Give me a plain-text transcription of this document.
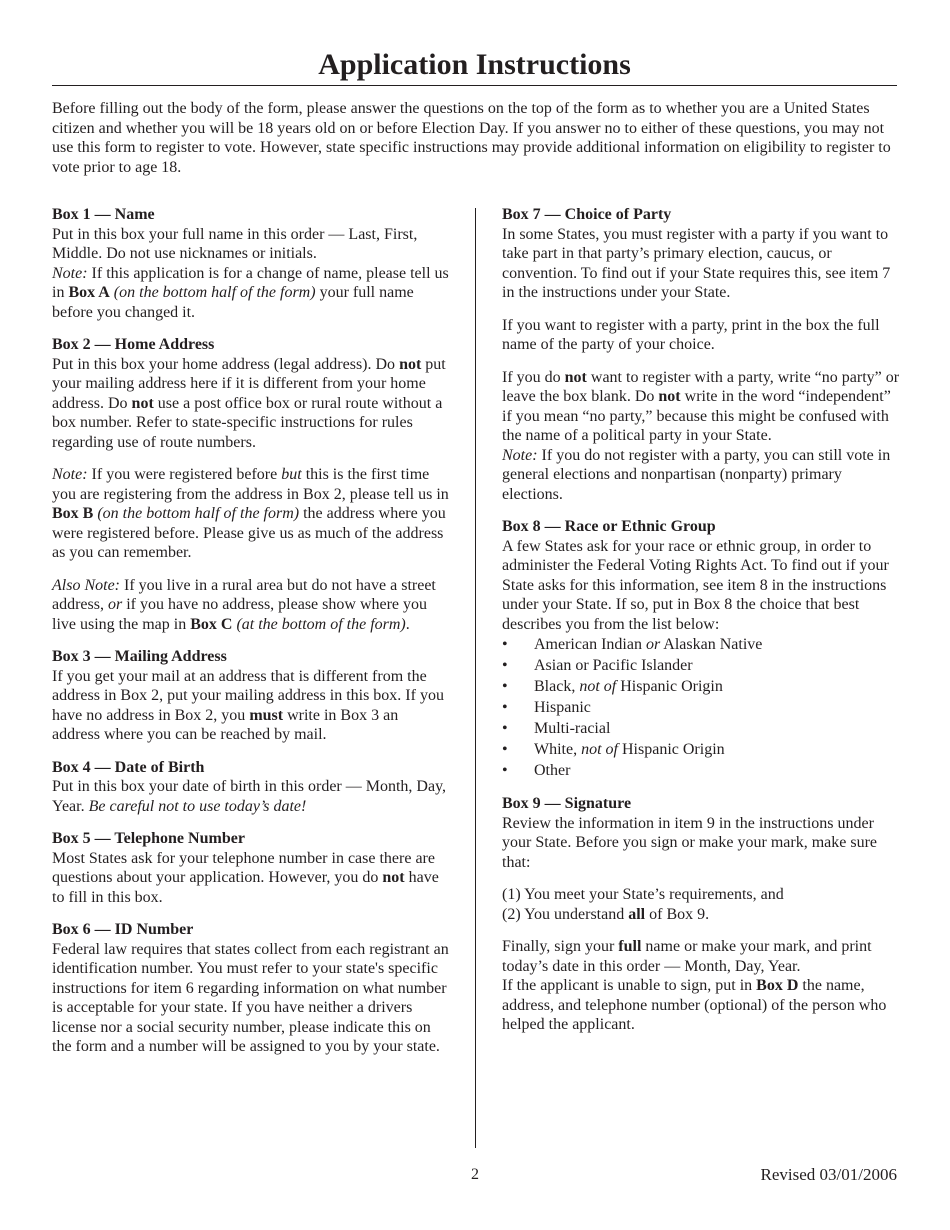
Application Instructions

Before filling out the body of the form, please answer the questions on the top of the form as to whether you are a United States citizen and whether you will be 18 years old on or before Election Day. If you answer no to either of these questions, you may not use this form to register to vote. However, state specific instructions may provide additional information on eligibility to register to vote prior to age 18.

Box 1 — Name

Put in this box your full name in this order — Last, First, Middle. Do not use nicknames or initials.

Note: If this application is for a change of name, please tell us in Box A (on the bottom half of the form) your full name before you changed it.

Box 2 — Home Address

Put in this box your home address (legal address). Do not put your mailing address here if it is different from your home address. Do not use a post office box or rural route without a box number. Refer to state-specific instructions for rules regarding use of route numbers.

Note: If you were registered before but this is the first time you are registering from the address in Box 2, please tell us in Box B (on the bottom half of the form) the address where you were registered before. Please give us as much of the address as you can remember.

Also Note: If you live in a rural area but do not have a street address, or if you have no address, please show where you live using the map in Box C (at the bottom of the form).

Box 3 — Mailing Address

If you get your mail at an address that is different from the address in Box 2, put your mailing address in this box. If you have no address in Box 2, you must write in Box 3 an address where you can be reached by mail.

Box 4 — Date of Birth

Put in this box your date of birth in this order — Month, Day, Year. Be careful not to use today’s date!

Box 5 — Telephone Number

Most States ask for your telephone number in case there are questions about your application. However, you do not have to fill in this box.

Box 6 — ID Number

Federal law requires that states collect from each registrant an identification number. You must refer to your state's specific instructions for item 6 regarding information on what number is acceptable for your state. If you have neither a drivers license nor a social security number, please indicate this on the form and a number will be assigned to you by your state.

Box 7 — Choice of Party

In some States, you must register with a party if you want to take part in that party’s primary election, caucus, or convention. To find out if your State requires this, see item 7 in the instructions under your State.

If you want to register with a party, print in the box the full name of the party of your choice.

If you do not want to register with a party, write “no party” or leave the box blank. Do not write in the word “independent” if you mean “no party,” because this might be confused with the name of a political party in your State.

Note: If you do not register with a party, you can still vote in general elections and nonpartisan (nonparty) primary elections.

Box 8 — Race or Ethnic Group

A few States ask for your race or ethnic group, in order to administer the Federal Voting Rights Act. To find out if your State asks for this information, see item 8 in the instructions under your State. If so, put in Box 8 the choice that best describes you from the list below:

• American Indian or Alaskan Native
• Asian or Pacific Islander
• Black, not of Hispanic Origin
• Hispanic
• Multi-racial
• White, not of Hispanic Origin
• Other
Box 9 — Signature

Review the information in item 9 in the instructions under your State. Before you sign or make your mark, make sure that:

(1) You meet your State’s requirements, and

(2) You understand all of Box 9.

Finally, sign your full name or make your mark, and print today’s date in this order — Month, Day, Year.

If the applicant is unable to sign, put in Box D the name, address, and telephone number (optional) of the person who helped the applicant.

2	Revised 03/01/2006
